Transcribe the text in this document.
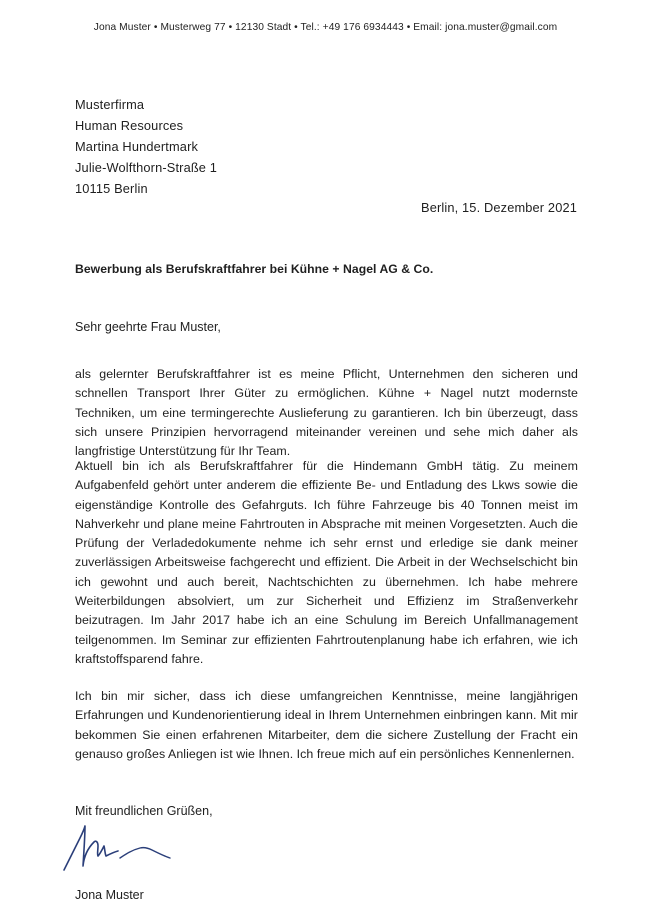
Jona Muster • Musterweg 77 • 12130 Stadt • Tel.: +49 176 6934443 • Email: jona.muster@gmail.com
Musterfirma
Human Resources
Martina Hundertmark
Julie-Wolfthorn-Straße 1
10115 Berlin
Berlin, 15. Dezember 2021
Bewerbung als Berufskraftfahrer bei Kühne + Nagel AG & Co.
Sehr geehrte Frau Muster,
als gelernter Berufskraftfahrer ist es meine Pflicht, Unternehmen den sicheren und schnellen Transport Ihrer Güter zu ermöglichen. Kühne + Nagel nutzt modernste Techniken, um eine termingerechte Auslieferung zu garantieren. Ich bin überzeugt, dass sich unsere Prinzipien hervorragend miteinander vereinen und sehe mich daher als langfristige Unterstützung für Ihr Team.
Aktuell bin ich als Berufskraftfahrer für die Hindemann GmbH tätig. Zu meinem Aufgabenfeld gehört unter anderem die effiziente Be- und Entladung des Lkws sowie die eigenständige Kontrolle des Gefahrguts. Ich führe Fahrzeuge bis 40 Tonnen meist im Nahverkehr und plane meine Fahrtrouten in Absprache mit meinen Vorgesetzten. Auch die Prüfung der Verladedokumente nehme ich sehr ernst und erledige sie dank meiner zuverlässigen Arbeitsweise fachgerecht und effizient. Die Arbeit in der Wechselschicht bin ich gewohnt und auch bereit, Nachtschichten zu übernehmen. Ich habe mehrere Weiterbildungen absolviert, um zur Sicherheit und Effizienz im Straßenverkehr beizutragen. Im Jahr 2017 habe ich an eine Schulung im Bereich Unfallmanagement teilgenommen. Im Seminar zur effizienten Fahrtroutenplanung habe ich erfahren, wie ich kraftstoffsparend fahre.
Ich bin mir sicher, dass ich diese umfangreichen Kenntnisse, meine langjährigen Erfahrungen und Kundenorientierung ideal in Ihrem Unternehmen einbringen kann. Mit mir bekommen Sie einen erfahrenen Mitarbeiter, dem die sichere Zustellung der Fracht ein genauso großes Anliegen ist wie Ihnen. Ich freue mich auf ein persönliches Kennenlernen.
Mit freundlichen Grüßen,
Jona Muster
